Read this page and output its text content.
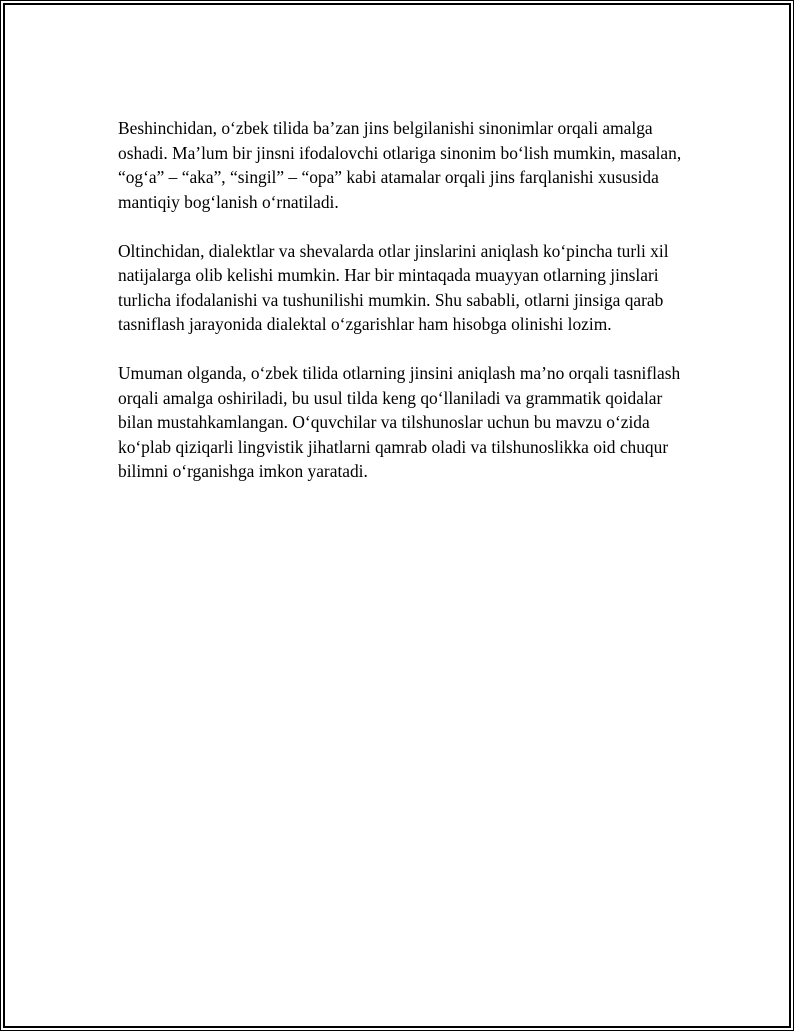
Beshinchidan, o‘zbek tilida ba’zan jins belgilanishi sinonimlar orqali amalga oshadi. Ma’lum bir jinsni ifodalovchi otlariga sinonim bo‘lish mumkin, masalan, “og‘a” – “aka”, “singil” – “opa” kabi atamalar orqali jins farqlanishi xususida mantiqiy bog‘lanish o‘rnatiladi.

Oltinchidan, dialektlar va shevalarda otlar jinslarini aniqlash ko‘pincha turli xil natijalarga olib kelishi mumkin. Har bir mintaqada muayyan otlarning jinslari turlicha ifodalanishi va tushunilishi mumkin. Shu sababli, otlarni jinsiga qarab tasniflash jarayonida dialektal o‘zgarishlar ham hisobga olinishi lozim.

Umuman olganda, o‘zbek tilida otlarning jinsini aniqlash ma’no orqali tasniflash orqali amalga oshiriladi, bu usul tilda keng qo‘llaniladi va grammatik qoidalar bilan mustahkamlangan. O‘quvchilar va tilshunoslar uchun bu mavzu o‘zida ko‘plab qiziqarli lingvistik jihatlarni qamrab oladi va tilshunoslikka oid chuqur bilimni o‘rganishga imkon yaratadi.
